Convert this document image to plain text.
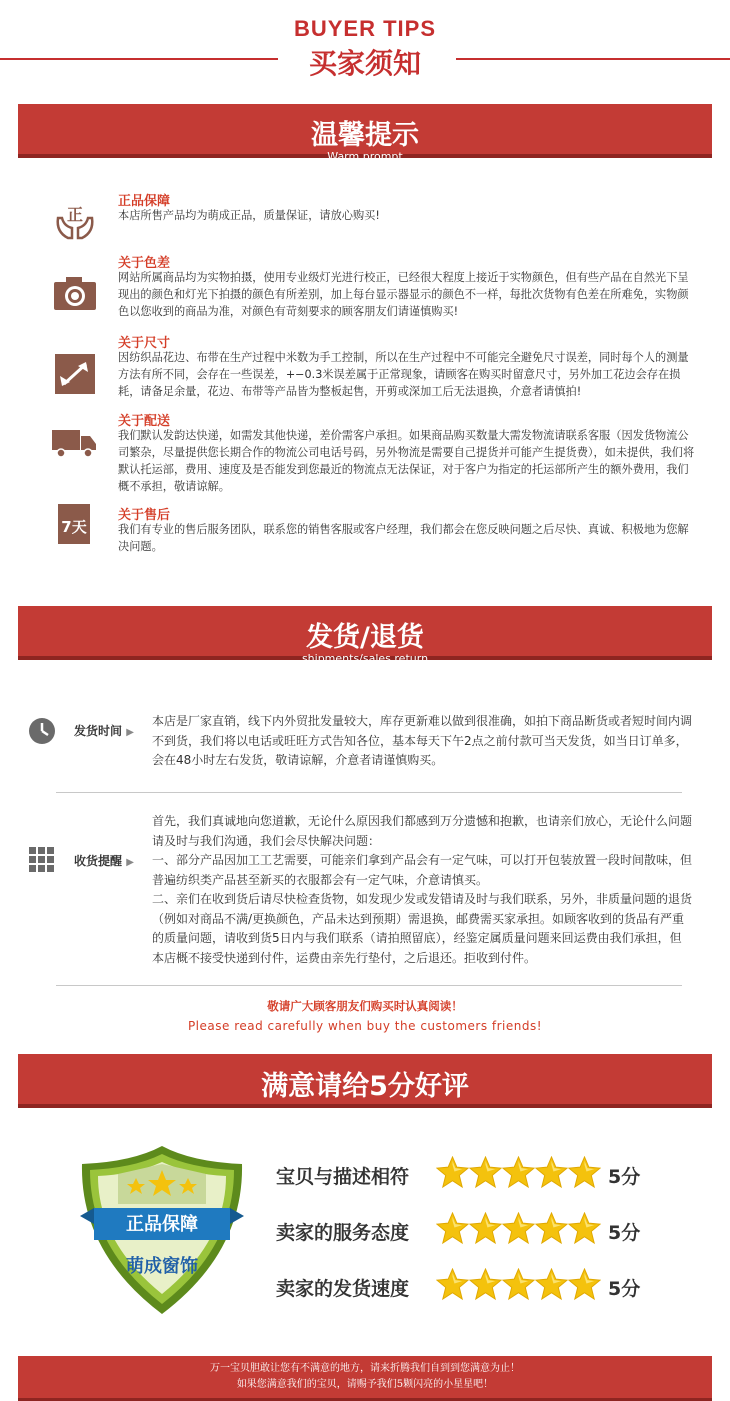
BUYER TIPS
买家须知
温馨提示
Warm prompt
正
正品保障
本店所售产品均为萌成正品，质量保证，请放心购买!
关于色差
网站所属商品均为实物拍摄，使用专业级灯光进行校正，已经很大程度上接近于实物颜色，但有些产品在自然光下呈现出的颜色和灯光下拍摄的颜色有所差别，加上每台显示器显示的颜色不一样，每批次货物有色差在所难免，实物颜色以您收到的商品为准，对颜色有苛刻要求的顾客朋友们请谨慎购买!
关于尺寸
因纺织品花边、布带在生产过程中米数为手工控制，所以在生产过程中不可能完全避免尺寸误差，同时每个人的测量方法有所不同，会存在一些误差，+−0.3米误差属于正常现象，请顾客在购买时留意尺寸，另外加工花边会存在损耗，请备足余量，花边、布带等产品皆为整板起售，开剪或深加工后无法退换，介意者请慎拍!
关于配送
我们默认发韵达快递，如需发其他快递，差价需客户承担。如果商品购买数量大需发物流请联系客服（因发货物流公司繁杂，尽量提供您长期合作的物流公司电话号码，另外物流是需要自己提货并可能产生提货费），如未提供，我们将默认托运部，费用、速度及是否能发到您最近的物流点无法保证，对于客户为指定的托运部所产生的额外费用，我们概不承担，敬请谅解。
7天
关于售后
我们有专业的售后服务团队，联系您的销售客服或客户经理，我们都会在您反映问题之后尽快、真诚、积极地为您解决问题。
发货/退货
shipments/sales return
发货时间 ▶
本店是厂家直销，线下内外贸批发量较大，库存更新难以做到很准确，如拍下商品断货或者短时间内调不到货，我们将以电话或旺旺方式告知各位，基本每天下午2点之前付款可当天发货，如当日订单多，会在48小时左右发货，敬请谅解，介意者请谨慎购买。
收货提醒 ▶
首先，我们真诚地向您道歉，无论什么原因我们都感到万分遗憾和抱歉，也请亲们放心，无论什么问题请及时与我们沟通，我们会尽快解决问题：
一、部分产品因加工工艺需要，可能亲们拿到产品会有一定气味，可以打开包装放置一段时间散味，但普遍纺织类产品甚至新买的衣服都会有一定气味，介意请慎买。
二、亲们在收到货后请尽快检查货物，如发现少发或发错请及时与我们联系，另外，非质量问题的退货（例如对商品不满/更换颜色，产品未达到预期）需退换，邮费需买家承担。如顾客收到的货品有严重的质量问题，请收到货5日内与我们联系（请拍照留底），经鉴定属质量问题来回运费由我们承担，但本店概不接受快递到付件，运费由亲先行垫付，之后退还。拒收到付件。
敬请广大顾客朋友们购买时认真阅读！
Please read carefully when buy the customers friends!
满意请给5分好评
正品保障
萌成窗饰
宝贝与描述相符	5分
卖家的服务态度	5分
卖家的发货速度	5分
万一宝贝胆敢让您有不满意的地方，请来折腾我们自到到您满意为止！
如果您满意我们的宝贝，请赐予我们5颗闪亮的小星星吧！
